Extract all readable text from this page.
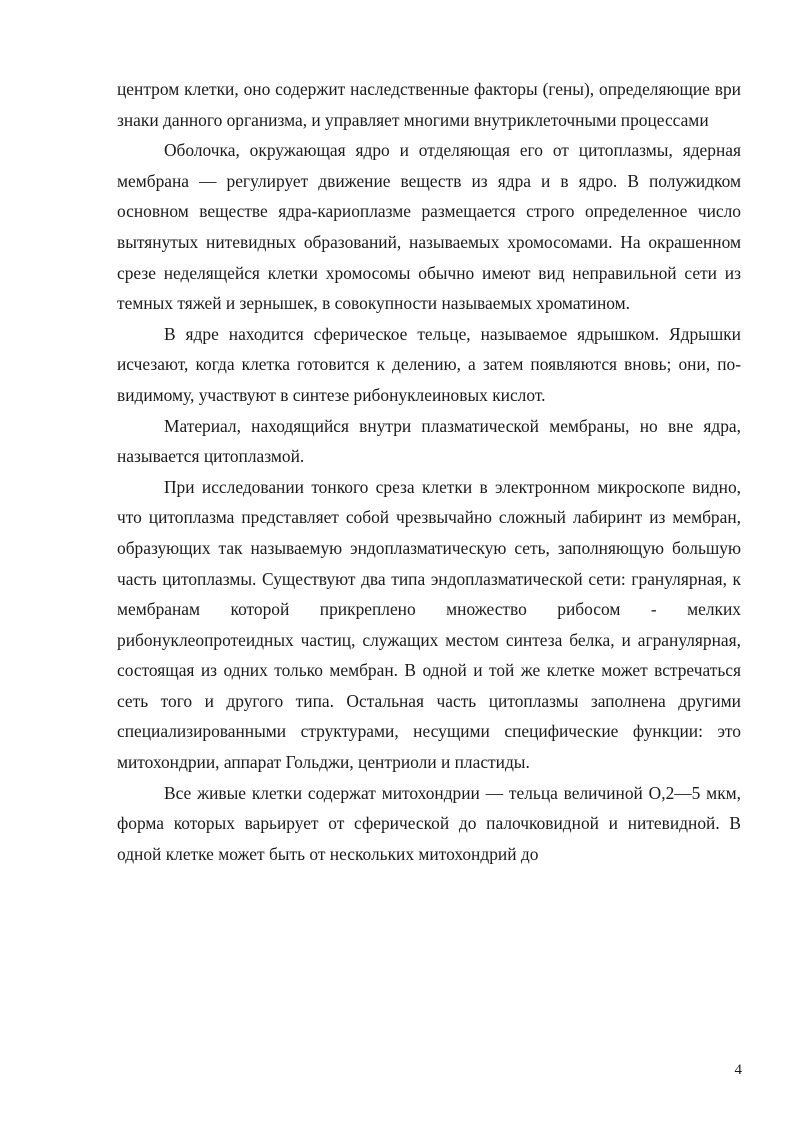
центром клетки, оно содержит наследственные факторы (гены), определяющие ври знаки данного организма, и управляет многими внутриклеточными процессами

Оболочка, окружающая ядро и отделяющая его от цитоплазмы, ядерная мембрана — регулирует движение веществ из ядра и в ядро. В полужидком основном веществе ядра-кариоплазме размещается строго определенное число вытянутых нитевидных образований, называемых хромосомами. На окрашенном срезе неделящейся клетки хромосомы обычно имеют вид неправильной сети из темных тяжей и зернышек, в совокупности называемых хроматином.

В ядре находится сферическое тельце, называемое ядрышком. Ядрышки исчезают, когда клетка готовится к делению, а затем появляются вновь; они, по-видимому, участвуют в синтезе рибонуклеиновых кислот.

Материал, находящийся внутри плазматической мембраны, но вне ядра, называется цитоплазмой.

При исследовании тонкого среза клетки в электронном микроскопе видно, что цитоплазма представляет собой чрезвычайно сложный лабиринт из мембран, образующих так называемую эндоплазматическую сеть, заполняющую большую часть цитоплазмы. Существуют два типа эндоплазматической сети: гранулярная, к мембранам которой прикреплено множество рибосом - мелких рибонуклеопротеидных частиц, служащих местом синтеза белка, и агранулярная, состоящая из одних только мембран. В одной и той же клетке может встречаться сеть того и другого типа. Остальная часть цитоплазмы заполнена другими специализированными структурами, несущими специфические функции: это митохондрии, аппарат Гольджи, центриоли и пластиды.

Все живые клетки содержат митохондрии — тельца величиной О,2—5 мкм, форма которых варьирует от сферической до палочковидной и нитевидной. В одной клетке может быть от нескольких митохондрий до

4
